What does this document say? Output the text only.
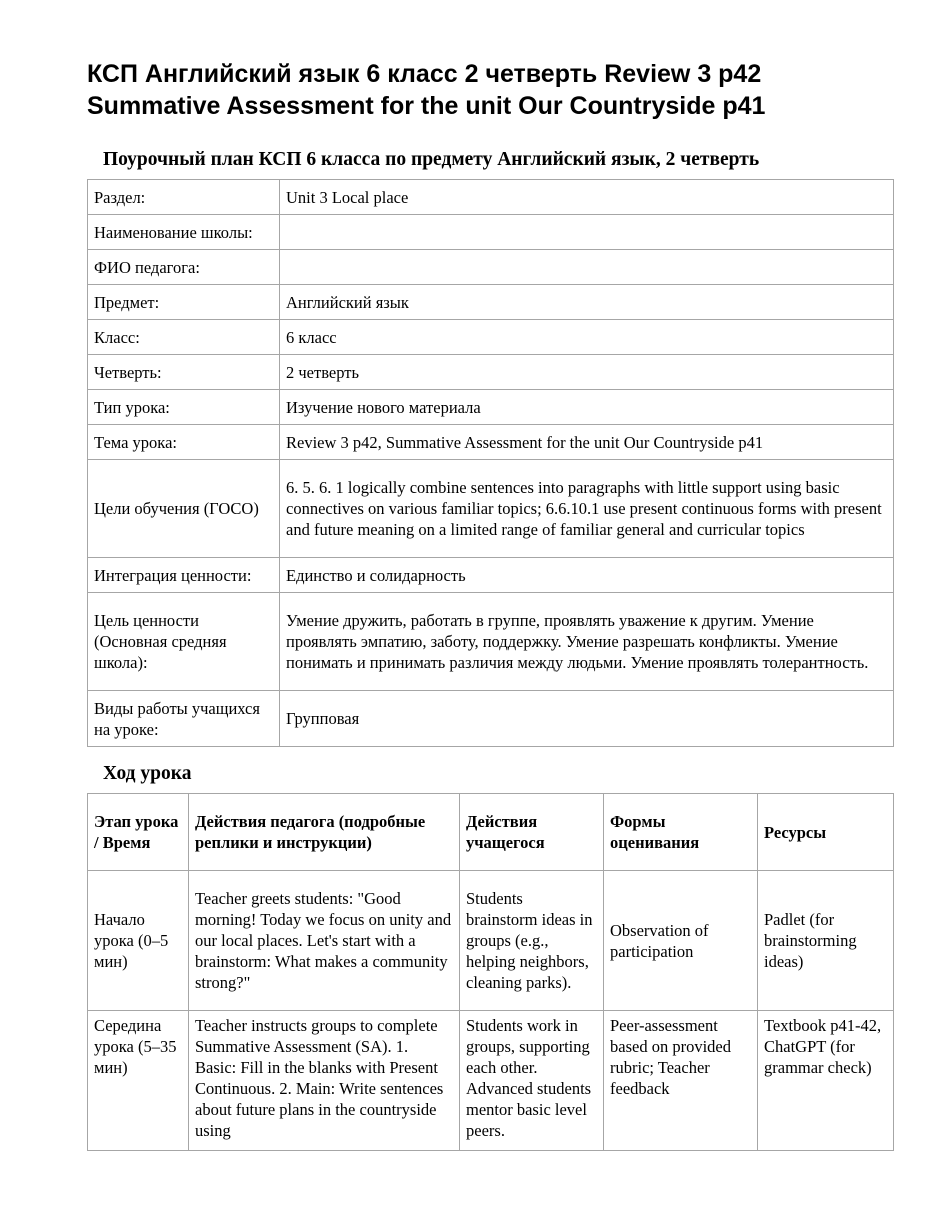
КСП Английский язык 6 класс 2 четверть Review 3 p42
Summative Assessment for the unit Our Countryside p41
Поурочный план КСП 6 класса по предмету Английский язык, 2 четверть
Раздел:	Unit 3 Local place
Наименование школы:	
ФИО педагога:	
Предмет:	Английский язык
Класс:	6 класс
Четверть:	2 четверть
Тип урока:	Изучение нового материала
Тема урока:	Review 3 p42, Summative Assessment for the unit Our Countryside p41
Цели обучения (ГОСО)	6. 5. 6. 1 logically combine sentences into paragraphs with little support using basic connectives on various familiar topics; 6.6.10.1 use present continuous forms with present and future meaning on a limited range of familiar general and curricular topics
Интеграция ценности:	Единство и солидарность
Цель ценности (Основная средняя школа):	Умение дружить, работать в группе, проявлять уважение к другим. Умение проявлять эмпатию, заботу, поддержку. Умение разрешать конфликты. Умение понимать и принимать различия между людьми. Умение проявлять толерантность.
Виды работы учащихся на уроке:	Групповая
Ход урока
Этап урока / Время	Действия педагога (подробные реплики и инструкции)	Действия учащегося	Формы оценивания	Ресурсы
Начало урока (0–5 мин)	Teacher greets students: "Good morning! Today we focus on unity and our local places. Let's start with a brainstorm: What makes a community strong?"	Students brainstorm ideas in groups (e.g., helping neighbors, cleaning parks).	Observation of participation	Padlet (for brainstorming ideas)
Середина урока (5–35 мин)	Teacher instructs groups to complete Summative Assessment (SA). 1. Basic: Fill in the blanks with Present Continuous. 2. Main: Write sentences about future plans in the countryside using	Students work in groups, supporting each other. Advanced students mentor basic level peers.	Peer-assessment based on provided rubric; Teacher feedback	Textbook p41-42, ChatGPT (for grammar check)
